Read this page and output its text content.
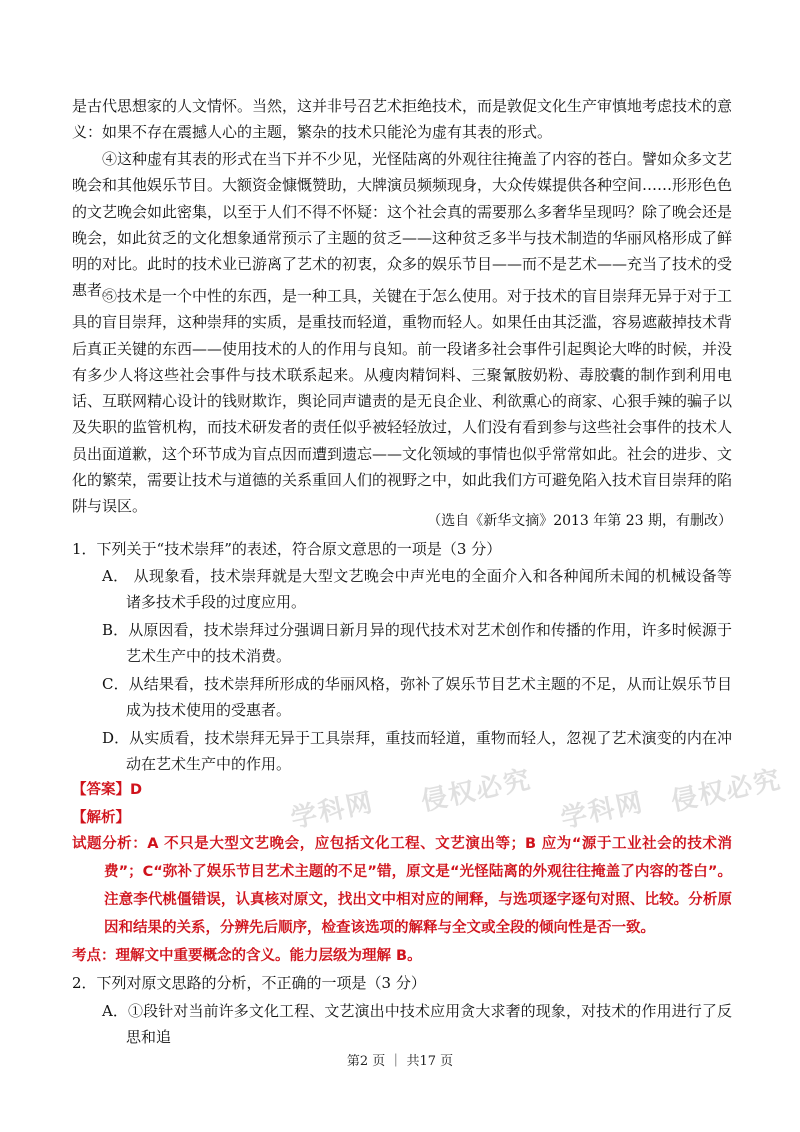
学科网 侵权必究 学科网 侵权必究

是古代思想家的人文情怀。当然，这并非号召艺术拒绝技术，而是敦促文化生产审慎地考虑技术的意义：如果不存在震撼人心的主题，繁杂的技术只能沦为虚有其表的形式。

④这种虚有其表的形式在当下并不少见，光怪陆离的外观往往掩盖了内容的苍白。譬如众多文艺晚会和其他娱乐节目。大额资金慷慨赞助，大牌演员频频现身，大众传媒提供各种空间……形形色色的文艺晚会如此密集，以至于人们不得不怀疑：这个社会真的需要那么多奢华呈现吗？除了晚会还是晚会，如此贫乏的文化想象通常预示了主题的贫乏——这种贫乏多半与技术制造的华丽风格形成了鲜明的对比。此时的技术业已游离了艺术的初衷，众多的娱乐节目——而不是艺术——充当了技术的受惠者。

⑤技术是一个中性的东西，是一种工具，关键在于怎么使用。对于技术的盲目崇拜无异于对于工具的盲目崇拜，这种崇拜的实质，是重技而轻道，重物而轻人。如果任由其泛滥，容易遮蔽掉技术背后真正关键的东西——使用技术的人的作用与良知。前一段诸多社会事件引起舆论大哗的时候，并没有多少人将这些社会事件与技术联系起来。从瘦肉精饲料、三聚氰胺奶粉、毒胶囊的制作到利用电话、互联网精心设计的钱财欺诈，舆论同声谴责的是无良企业、利欲熏心的商家、心狠手辣的骗子以及失职的监管机构，而技术研发者的责任似乎被轻轻放过，人们没有看到参与这些社会事件的技术人员出面道歉，这个环节成为盲点因而遭到遗忘——文化领域的事情也似乎常常如此。社会的进步、文化的繁荣，需要让技术与道德的关系重回人们的视野之中，如此我们方可避免陷入技术盲目崇拜的陷阱与误区。

（选自《新华文摘》2013 年第 23 期，有删改）

1．下列关于“技术崇拜”的表述，符合原文意思的一项是（3 分）

A． 从现象看，技术崇拜就是大型文艺晚会中声光电的全面介入和各种闻所未闻的机械设备等诸多技术手段的过度应用。

B．从原因看，技术崇拜过分强调日新月异的现代技术对艺术创作和传播的作用，许多时候源于艺术生产中的技术消费。

C．从结果看，技术崇拜所形成的华丽风格，弥补了娱乐节目艺术主题的不足，从而让娱乐节目成为技术使用的受惠者。

D．从实质看，技术崇拜无异于工具崇拜，重技而轻道，重物而轻人，忽视了艺术演变的内在冲动在艺术生产中的作用。

【答案】D
【解析】

试题分析：A 不只是大型文艺晚会，应包括文化工程、文艺演出等；B 应为“源于工业社会的技术消费”；C“弥补了娱乐节目艺术主题的不足”错，原文是“光怪陆离的外观往往掩盖了内容的苍白”。注意李代桃僵错误，认真核对原文，找出文中相对应的闸释，与选项逐字逐句对照、比较。分析原因和结果的关系，分辨先后顺序，检查该选项的解释与全文或全段的倾向性是否一致。

考点：理解文中重要概念的含义。能力层级为理解 B。

2．下列对原文思路的分析，不正确的一项是（3 分）

A．①段针对当前许多文化工程、文艺演出中技术应用贪大求奢的现象，对技术的作用进行了反思和追

第2 页 ｜ 共17 页
